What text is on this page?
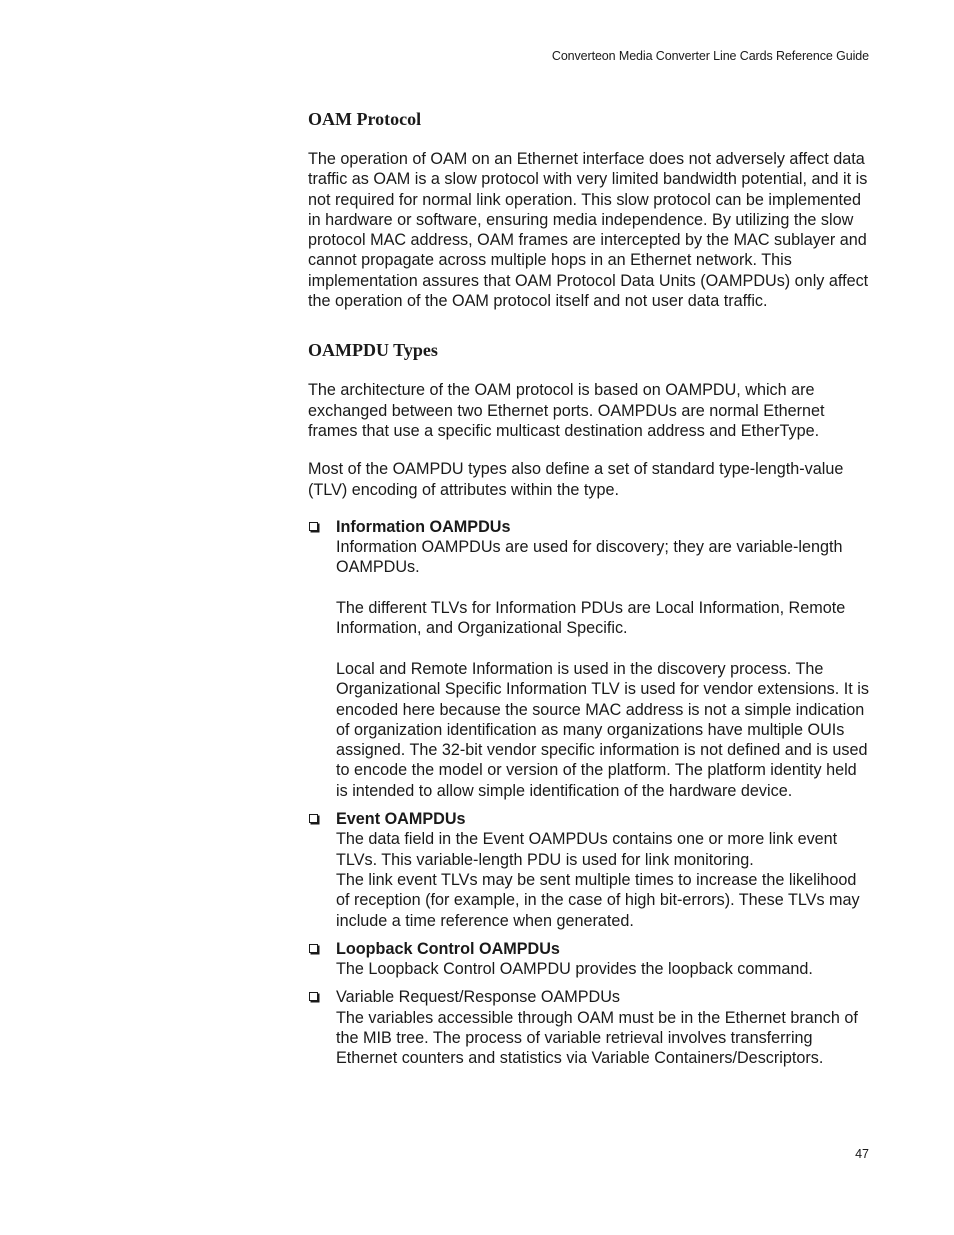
Converteon Media Converter Line Cards Reference Guide
OAM Protocol

The operation of OAM on an Ethernet interface does not adversely affect data traffic as OAM is a slow protocol with very limited bandwidth potential, and it is not required for normal link operation. This slow protocol can be implemented in hardware or software, ensuring media independence. By utilizing the slow protocol MAC address, OAM frames are intercepted by the MAC sublayer and cannot propagate across multiple hops in an Ethernet network. This implementation assures that OAM Protocol Data Units (OAMPDUs) only affect the operation of the OAM protocol itself and not user data traffic.

OAMPDU Types

The architecture of the OAM protocol is based on OAMPDU, which are exchanged between two Ethernet ports. OAMPDUs are normal Ethernet frames that use a specific multicast destination address and EtherType.

Most of the OAMPDU types also define a set of standard type-length-value (TLV) encoding of attributes within the type.

Information OAMPDUs
Information OAMPDUs are used for discovery; they are variable-length OAMPDUs.
The different TLVs for Information PDUs are Local Information, Remote Information, and Organizational Specific.
Local and Remote Information is used in the discovery process. The Organizational Specific Information TLV is used for vendor extensions. It is encoded here because the source MAC address is not a simple indication of organization identification as many organizations have multiple OUIs assigned. The 32-bit vendor specific information is not defined and is used to encode the model or version of the platform. The platform identity held is intended to allow simple identification of the hardware device.
Event OAMPDUs
The data field in the Event OAMPDUs contains one or more link event TLVs. This variable-length PDU is used for link monitoring.
The link event TLVs may be sent multiple times to increase the likelihood of reception (for example, in the case of high bit-errors). These TLVs may include a time reference when generated.
Loopback Control OAMPDUs
The Loopback Control OAMPDU provides the loopback command.
Variable Request/Response OAMPDUs
The variables accessible through OAM must be in the Ethernet branch of the MIB tree. The process of variable retrieval involves transferring Ethernet counters and statistics via Variable Containers/Descriptors.
47
